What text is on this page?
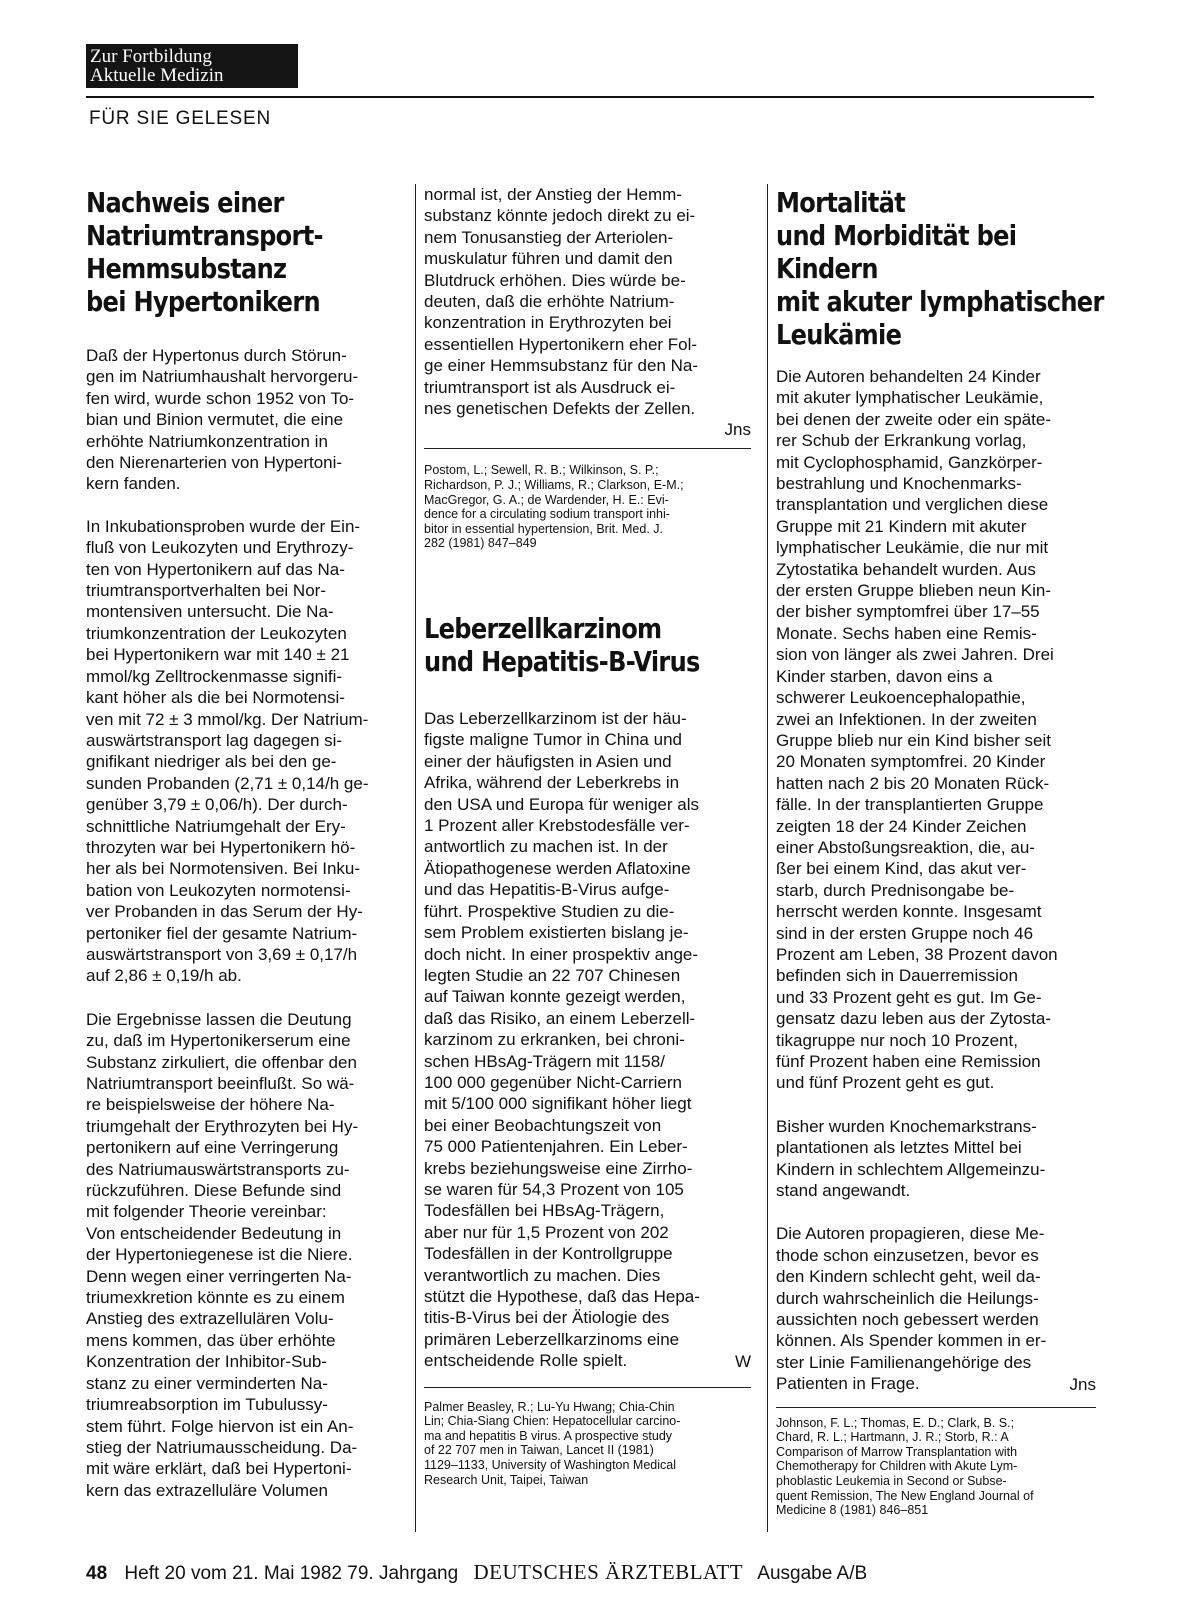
Zur Fortbildung
Aktuelle Medizin
FÜR SIE GELESEN
Nachweis einer
Natriumtransport-
Hemmsubstanz
bei Hypertonikern

Daß der Hypertonus durch Störun-
gen im Natriumhaushalt hervorgeru-
fen wird, wurde schon 1952 von To-
bian und Binion vermutet, die eine
erhöhte Natriumkonzentration in
den Nierenarterien von Hypertoni-
kern fanden.

In Inkubationsproben wurde der Ein-
fluß von Leukozyten und Erythrozy-
ten von Hypertonikern auf das Na-
triumtransportverhalten bei Nor-
montensiven untersucht. Die Na-
triumkonzentration der Leukozyten
bei Hypertonikern war mit 140 ± 21
mmol/kg Zelltrockenmasse signifi-
kant höher als die bei Normotensi-
ven mit 72 ± 3 mmol/kg. Der Natrium-
auswärtstransport lag dagegen si-
gnifikant niedriger als bei den ge-
sunden Probanden (2,71 ± 0,14/h ge-
genüber 3,79 ± 0,06/h). Der durch-
schnittliche Natriumgehalt der Ery-
throzyten war bei Hypertonikern hö-
her als bei Normotensiven. Bei Inku-
bation von Leukozyten normotensi-
ver Probanden in das Serum der Hy-
pertoniker fiel der gesamte Natrium-
auswärtstransport von 3,69 ± 0,17/h
auf 2,86 ± 0,19/h ab.

Die Ergebnisse lassen die Deutung
zu, daß im Hypertonikerserum eine
Substanz zirkuliert, die offenbar den
Natriumtransport beeinflußt. So wä-
re beispielsweise der höhere Na-
triumgehalt der Erythrozyten bei Hy-
pertonikern auf eine Verringerung
des Natriumauswärtstransports zu-
rückzuführen. Diese Befunde sind
mit folgender Theorie vereinbar:
Von entscheidender Bedeutung in
der Hypertoniegenese ist die Niere.
Denn wegen einer verringerten Na-
triumexkretion könnte es zu einem
Anstieg des extrazellulären Volu-
mens kommen, das über erhöhte
Konzentration der Inhibitor-Sub-
stanz zu einer verminderten Na-
triumreabsorption im Tubulussy-
stem führt. Folge hiervon ist ein An-
stieg der Natriumausscheidung. Da-
mit wäre erklärt, daß bei Hypertoni-
kern das extrazelluläre Volumen

normal ist, der Anstieg der Hemm-
substanz könnte jedoch direkt zu ei-
nem Tonusanstieg der Arteriolen-
muskulatur führen und damit den
Blutdruck erhöhen. Dies würde be-
deuten, daß die erhöhte Natrium-
konzentration in Erythrozyten bei
essentiellen Hypertonikern eher Fol-
ge einer Hemmsubstanz für den Na-
triumtransport ist als Ausdruck ei-
nes genetischen Defekts der Zellen.

Jns

Postom, L.; Sewell, R. B.; Wilkinson, S. P.;
Richardson, P. J.; Williams, R.; Clarkson, E-M.;
MacGregor, G. A.; de Wardender, H. E.: Evi-
dence for a circulating sodium transport inhi-
bitor in essential hypertension, Brit. Med. J.
282 (1981) 847–849

Leberzellkarzinom
und Hepatitis-B-Virus

Das Leberzellkarzinom ist der häu-
figste maligne Tumor in China und
einer der häufigsten in Asien und
Afrika, während der Leberkrebs in
den USA und Europa für weniger als
1 Prozent aller Krebstodesfälle ver-
antwortlich zu machen ist. In der
Ätiopathogenese werden Aflatoxine
und das Hepatitis-B-Virus aufge-
führt. Prospektive Studien zu die-
sem Problem existierten bislang je-
doch nicht. In einer prospektiv ange-
legten Studie an 22 707 Chinesen
auf Taiwan konnte gezeigt werden,
daß das Risiko, an einem Leberzell-
karzinom zu erkranken, bei chroni-
schen HBsAg-Trägern mit 1158/
100 000 gegenüber Nicht-Carriern
mit 5/100 000 signifikant höher liegt
bei einer Beobachtungszeit von
75 000 Patientenjahren. Ein Leber-
krebs beziehungsweise eine Zirrho-
se waren für 54,3 Prozent von 105
Todesfällen bei HBsAg-Trägern,
aber nur für 1,5 Prozent von 202
Todesfällen in der Kontrollgruppe
verantwortlich zu machen. Dies
stützt die Hypothese, daß das Hepa-
titis-B-Virus bei der Ätiologie des
primären Leberzellkarzinoms eine
entscheidende Rolle spielt.	W

Palmer Beasley, R.; Lu-Yu Hwang; Chia-Chin
Lin; Chia-Siang Chien: Hepatocellular carcino-
ma and hepatitis B virus. A prospective study
of 22 707 men in Taiwan, Lancet II (1981)
1129–1133, University of Washington Medical
Research Unit, Taipei, Taiwan

Mortalität
und Morbidität bei Kindern
mit akuter lymphatischer
Leukämie

Die Autoren behandelten 24 Kinder
mit akuter lymphatischer Leukämie,
bei denen der zweite oder ein späte-
rer Schub der Erkrankung vorlag,
mit Cyclophosphamid, Ganzkörper-
bestrahlung und Knochenmarks-
transplantation und verglichen diese
Gruppe mit 21 Kindern mit akuter
lymphatischer Leukämie, die nur mit
Zytostatika behandelt wurden. Aus
der ersten Gruppe blieben neun Kin-
der bisher symptomfrei über 17–55
Monate. Sechs haben eine Remis-
sion von länger als zwei Jahren. Drei
Kinder starben, davon eins a
schwerer Leukoencephalopathie,
zwei an Infektionen. In der zweiten
Gruppe blieb nur ein Kind bisher seit
20 Monaten symptomfrei. 20 Kinder
hatten nach 2 bis 20 Monaten Rück-
fälle. In der transplantierten Gruppe
zeigten 18 der 24 Kinder Zeichen
einer Abstoßungsreaktion, die, au-
ßer bei einem Kind, das akut ver-
starb, durch Prednisongabe be-
herrscht werden konnte. Insgesamt
sind in der ersten Gruppe noch 46
Prozent am Leben, 38 Prozent davon
befinden sich in Dauerremission
und 33 Prozent geht es gut. Im Ge-
gensatz dazu leben aus der Zytosta-
tikagruppe nur noch 10 Prozent,
fünf Prozent haben eine Remission
und fünf Prozent geht es gut.

Bisher wurden Knochemarkstrans-
plantationen als letztes Mittel bei
Kindern in schlechtem Allgemeinzu-
stand angewandt.

Die Autoren propagieren, diese Me-
thode schon einzusetzen, bevor es
den Kindern schlecht geht, weil da-
durch wahrscheinlich die Heilungs-
aussichten noch gebessert werden
können. Als Spender kommen in er-
ster Linie Familienangehörige des
Patienten in Frage.	Jns

Johnson, F. L.; Thomas, E. D.; Clark, B. S.;
Chard, R. L.; Hartmann, J. R.; Storb, R.: A
Comparison of Marrow Transplantation with
Chemotherapy for Children with Akute Lym-
phoblastic Leukemia in Second or Subse-
quent Remission, The New England Journal of
Medicine 8 (1981) 846–851

48 Heft 20 vom 21. Mai 1982 79. Jahrgang DEUTSCHES ÄRZTEBLATT Ausgabe A/B
